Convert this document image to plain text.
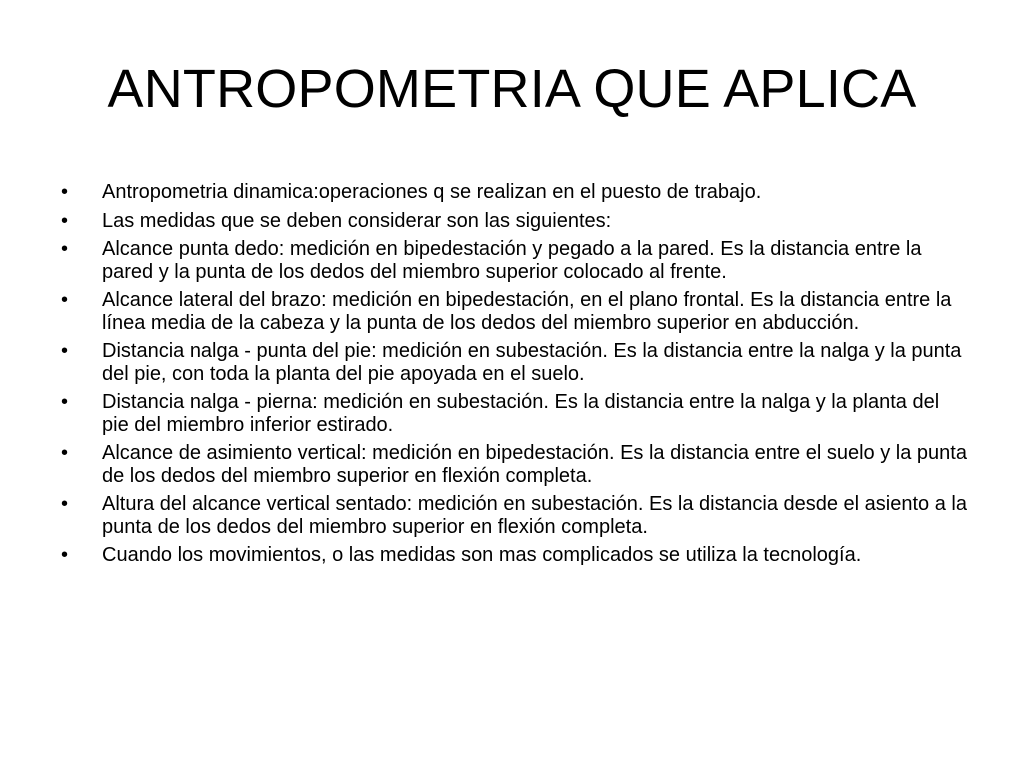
ANTROPOMETRIA QUE APLICA
• Antropometria dinamica:operaciones q se realizan en el puesto de trabajo.
• Las medidas que se deben considerar son las siguientes:
• Alcance punta dedo: medición en bipedestación y pegado a la pared. Es la distancia entre la pared y la punta de los dedos del miembro superior colocado al frente.
• Alcance lateral del brazo: medición en bipedestación, en el plano frontal. Es la distancia entre la línea media de la cabeza y la punta de los dedos del miembro superior en abducción.
• Distancia nalga - punta del pie: medición en subestación. Es la distancia entre la nalga y la punta del pie, con toda la planta del pie apoyada en el suelo.
• Distancia nalga - pierna: medición en subestación. Es la distancia entre la nalga y la planta del pie del miembro inferior estirado.
• Alcance de asimiento vertical: medición en bipedestación. Es la distancia entre el suelo y la punta de los dedos del miembro superior en flexión completa.
• Altura del alcance vertical sentado: medición en subestación. Es la distancia desde el asiento a la punta de los dedos del miembro superior en flexión completa.
• Cuando los movimientos, o las medidas son mas complicados se utiliza la tecnología.
